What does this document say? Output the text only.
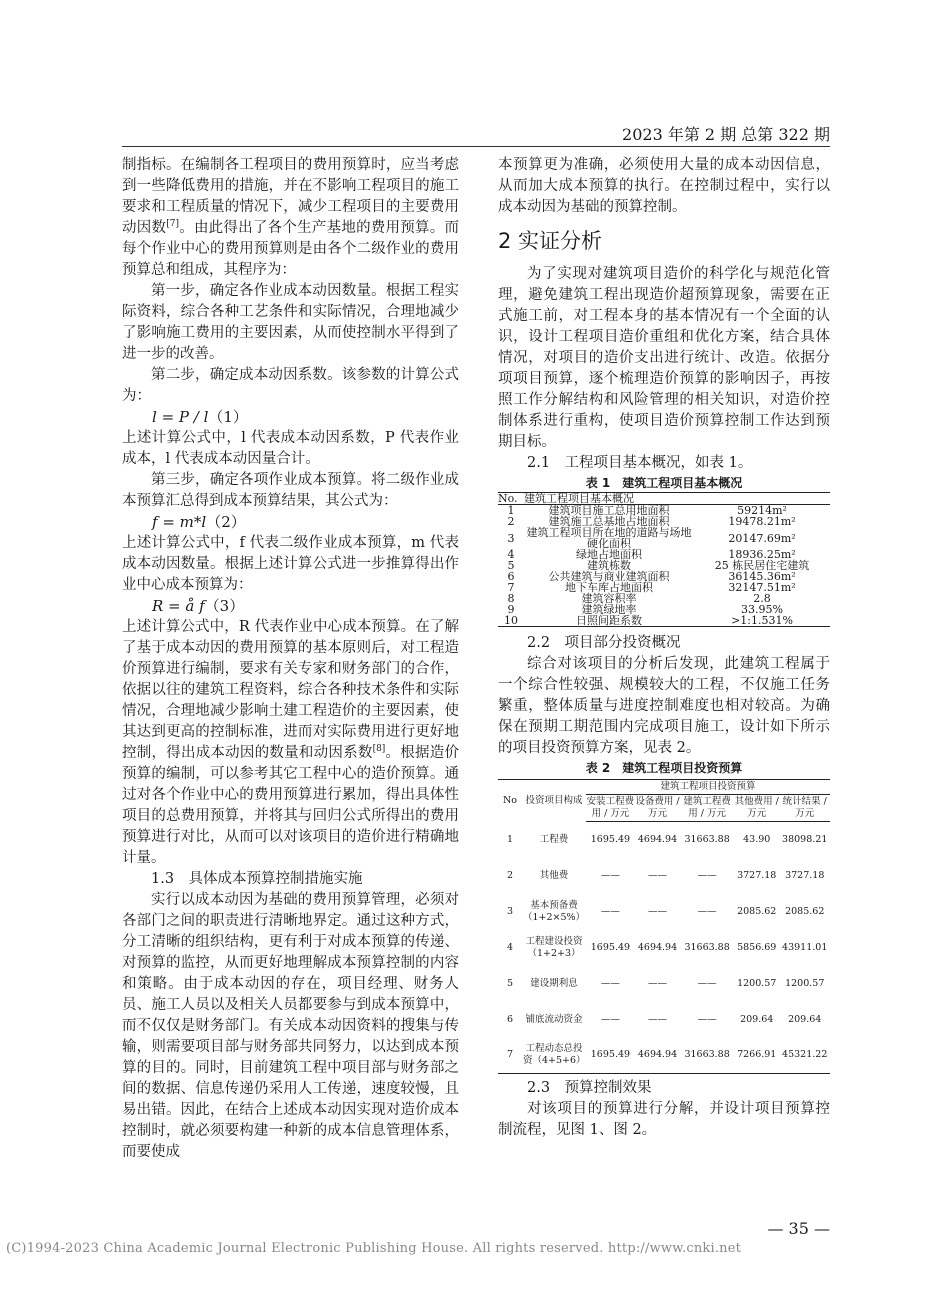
2023 年第 2 期 总第 322 期

制指标。在编制各工程项目的费用预算时，应当考虑到一些降低费用的措施，并在不影响工程项目的施工要求和工程质量的情况下，减少工程项目的主要费用动因数[7]。由此得出了各个生产基地的费用预算。而每个作业中心的费用预算则是由各个二级作业的费用预算总和组成，其程序为：

第一步，确定各作业成本动因数量。根据工程实际资料，综合各种工艺条件和实际情况，合理地减少了影响施工费用的主要因素，从而使控制水平得到了进一步的改善。

第二步，确定成本动因系数。该参数的计算公式为：

l = P / l（1）

上述计算公式中，l 代表成本动因系数，P 代表作业成本，l 代表成本动因量合计。

第三步，确定各项作业成本预算。将二级作业成本预算汇总得到成本预算结果，其公式为：

f = m*l（2）

上述计算公式中，f 代表二级作业成本预算，m 代表成本动因数量。根据上述计算公式进一步推算得出作业中心成本预算为：

R = å f（3）

上述计算公式中，R 代表作业中心成本预算。在了解了基于成本动因的费用预算的基本原则后，对工程造价预算进行编制，要求有关专家和财务部门的合作，依据以往的建筑工程资料，综合各种技术条件和实际情况，合理地减少影响土建工程造价的主要因素，使其达到更高的控制标准，进而对实际费用进行更好地控制，得出成本动因的数量和动因系数[8]。根据造价预算的编制，可以参考其它工程中心的造价预算。通过对各个作业中心的费用预算进行累加，得出具体性项目的总费用预算，并将其与回归公式所得出的费用预算进行对比，从而可以对该项目的造价进行精确地计量。

1.3　具体成本预算控制措施实施

实行以成本动因为基础的费用预算管理，必须对各部门之间的职责进行清晰地界定。通过这种方式，分工清晰的组织结构，更有利于对成本预算的传递、对预算的监控，从而更好地理解成本预算控制的内容和策略。由于成本动因的存在，项目经理、财务人员、施工人员以及相关人员都要参与到成本预算中，而不仅仅是财务部门。有关成本动因资料的搜集与传输，则需要项目部与财务部共同努力，以达到成本预算的目的。同时，目前建筑工程中项目部与财务部之间的数据、信息传递仍采用人工传递，速度较慢，且易出错。因此，在结合上述成本动因实现对造价成本控制时，就必须要构建一种新的成本信息管理体系，而要使成

本预算更为准确，必须使用大量的成本动因信息，从而加大成本预算的执行。在控制过程中，实行以成本动因为基础的预算控制。

2 实证分析

为了实现对建筑项目造价的科学化与规范化管理，避免建筑工程出现造价超预算现象，需要在正式施工前，对工程本身的基本情况有一个全面的认识，设计工程项目造价重组和优化方案，结合具体情况，对项目的造价支出进行统计、改造。依据分项项目预算，逐个梳理造价预算的影响因子，再按照工作分解结构和风险管理的相关知识，对造价控制体系进行重构，使项目造价预算控制工作达到预期目标。

2.1　工程项目基本概况，如表 1。

表 1　建筑工程项目基本概况
No.	建筑工程项目基本概况	
1	建筑项目施工总用地面积	59214m²
2	建筑施工总基地占地面积	19478.21m²
3	建筑工程项目所在地的道路与场地硬化面积	20147.69m²
4	绿地占地面积	18936.25m²
5	建筑栋数	25 栋民居住宅建筑
6	公共建筑与商业建筑面积	36145.36m²
7	地下车库占地面积	32147.51m²
8	建筑容积率	2.8
9	建筑绿地率	33.95%
10	日照间距系数	>1:1.531%

2.2　项目部分投资概况

综合对该项目的分析后发现，此建筑工程属于一个综合性较强、规模较大的工程，不仅施工任务繁重，整体质量与进度控制难度也相对较高。为确保在预期工期范围内完成项目施工，设计如下所示的项目投资预算方案，见表 2。

表 2　建筑工程项目投资预算
No	投资项目构成	建筑工程项目投资预算				
		安装工程费用 / 万元	设备费用 / 万元	建筑工程费用 / 万元	其他费用 / 万元	统计结果 / 万元
1	工程费	1695.49	4694.94	31663.88	43.90	38098.21
2	其他费	——	——	——	3727.18	3727.18
3	基本预备费（1+2×5%）	——	——	——	2085.62	2085.62
4	工程建设投资（1+2+3）	1695.49	4694.94	31663.88	5856.69	43911.01
5	建设期利息	——	——	——	1200.57	1200.57
6	铺底流动资金	——	——	——	209.64	209.64
7	工程动态总投资（4+5+6）	1695.49	4694.94	31663.88	7266.91	45321.22

2.3　预算控制效果

对该项目的预算进行分解，并设计项目预算控制流程，见图 1、图 2。

— 35 —
(C)1994-2023 China Academic Journal Electronic Publishing House. All rights reserved. http://www.cnki.net
